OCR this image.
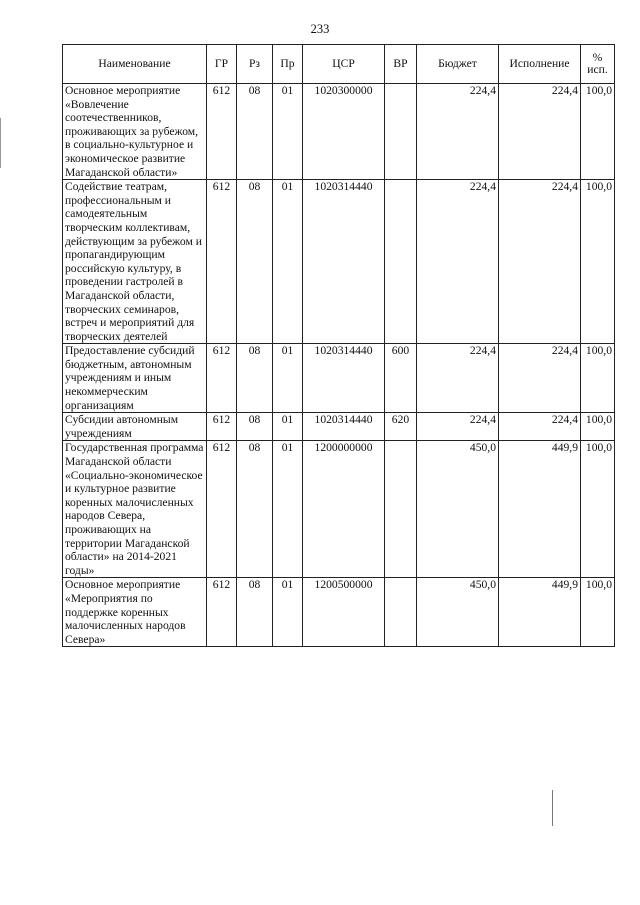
233
Наименование	ГР	Рз	Пр	ЦСР	ВР	Бюджет	Исполнение	%
исп.
Основное мероприятие «Вовлечение соотечественников, проживающих за рубежом, в социально-культурное и экономическое развитие Магаданской области»	612	08	01	1020300000		224,4	224,4	100,0
Содействие театрам, профессиональным и самодеятельным творческим коллективам, действующим за рубежом и пропагандирующим российскую культуру, в проведении гастролей в Магаданской области, творческих семинаров, встреч и мероприятий для творческих деятелей	612	08	01	1020314440		224,4	224,4	100,0
Предоставление субсидий бюджетным, автономным учреждениям и иным некоммерческим организациям	612	08	01	1020314440	600	224,4	224,4	100,0
Субсидии автономным учреждениям	612	08	01	1020314440	620	224,4	224,4	100,0
Государственная программа Магаданской области «Социально-экономическое и культурное развитие коренных малочисленных народов Севера, проживающих на территории Магаданской области» на 2014-2021 годы»	612	08	01	1200000000		450,0	449,9	100,0
Основное мероприятие «Мероприятия по поддержке коренных малочисленных народов Севера»	612	08	01	1200500000		450,0	449,9	100,0
